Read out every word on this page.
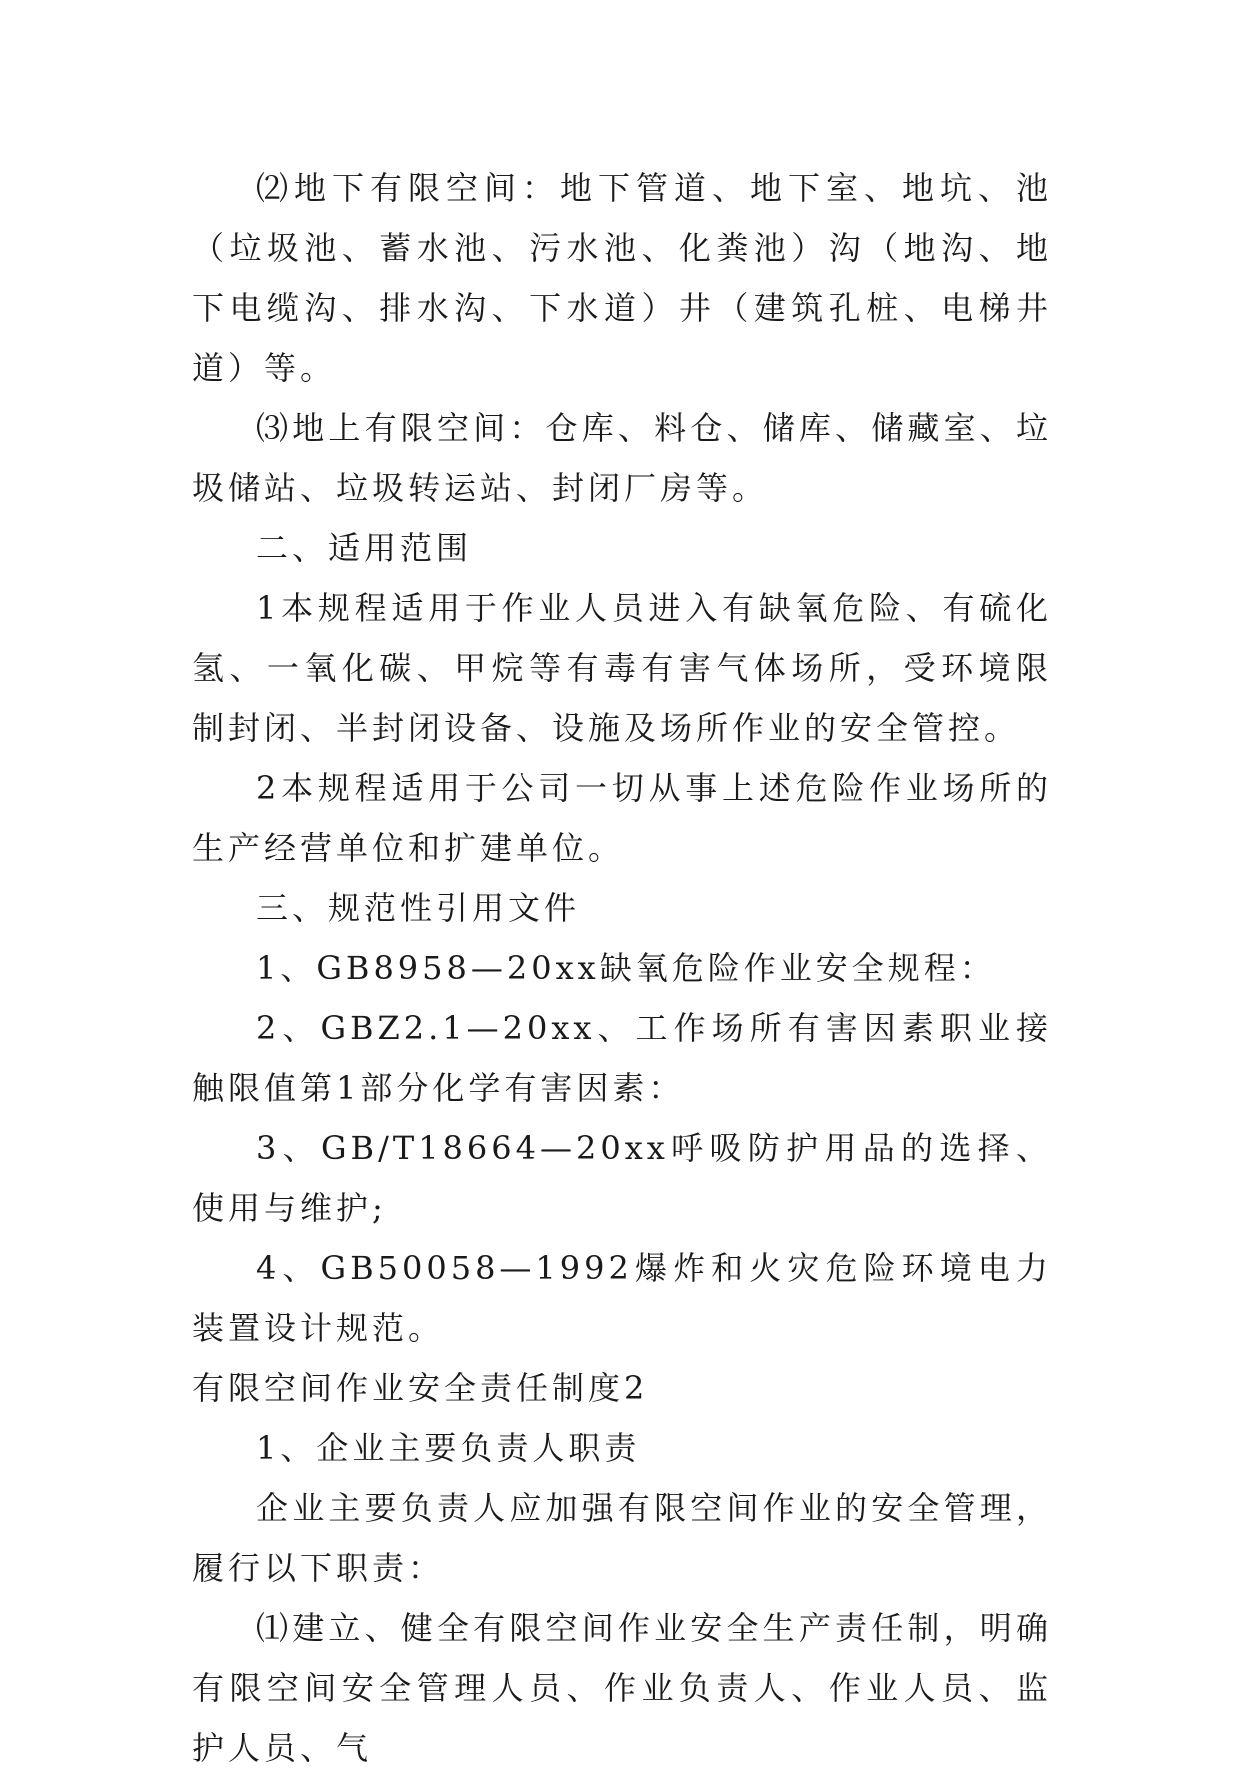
⑵地下有限空间：地下管道、地下室、地坑、池（垃圾池、蓄水池、污水池、化粪池）沟（地沟、地下电缆沟、排水沟、下水道）井（建筑孔桩、电梯井道）等。

⑶地上有限空间：仓库、料仓、储库、储藏室、垃圾储站、垃圾转运站、封闭厂房等。

二、适用范围

1本规程适用于作业人员进入有缺氧危险、有硫化氢、一氧化碳、甲烷等有毒有害气体场所，受环境限制封闭、半封闭设备、设施及场所作业的安全管控。

2本规程适用于公司一切从事上述危险作业场所的生产经营单位和扩建单位。

三、规范性引用文件

1、GB8958—20xx缺氧危险作业安全规程：

2、GBZ2.1—20xx、工作场所有害因素职业接触限值第1部分化学有害因素：

3、GB/T18664—20xx呼吸防护用品的选择、使用与维护;

4、GB50058—1992爆炸和火灾危险环境电力装置设计规范。

有限空间作业安全责任制度2

1、企业主要负责人职责

企业主要负责人应加强有限空间作业的安全管理，履行以下职责：

⑴建立、健全有限空间作业安全生产责任制，明确有限空间安全管理人员、作业负责人、作业人员、监护人员、气
